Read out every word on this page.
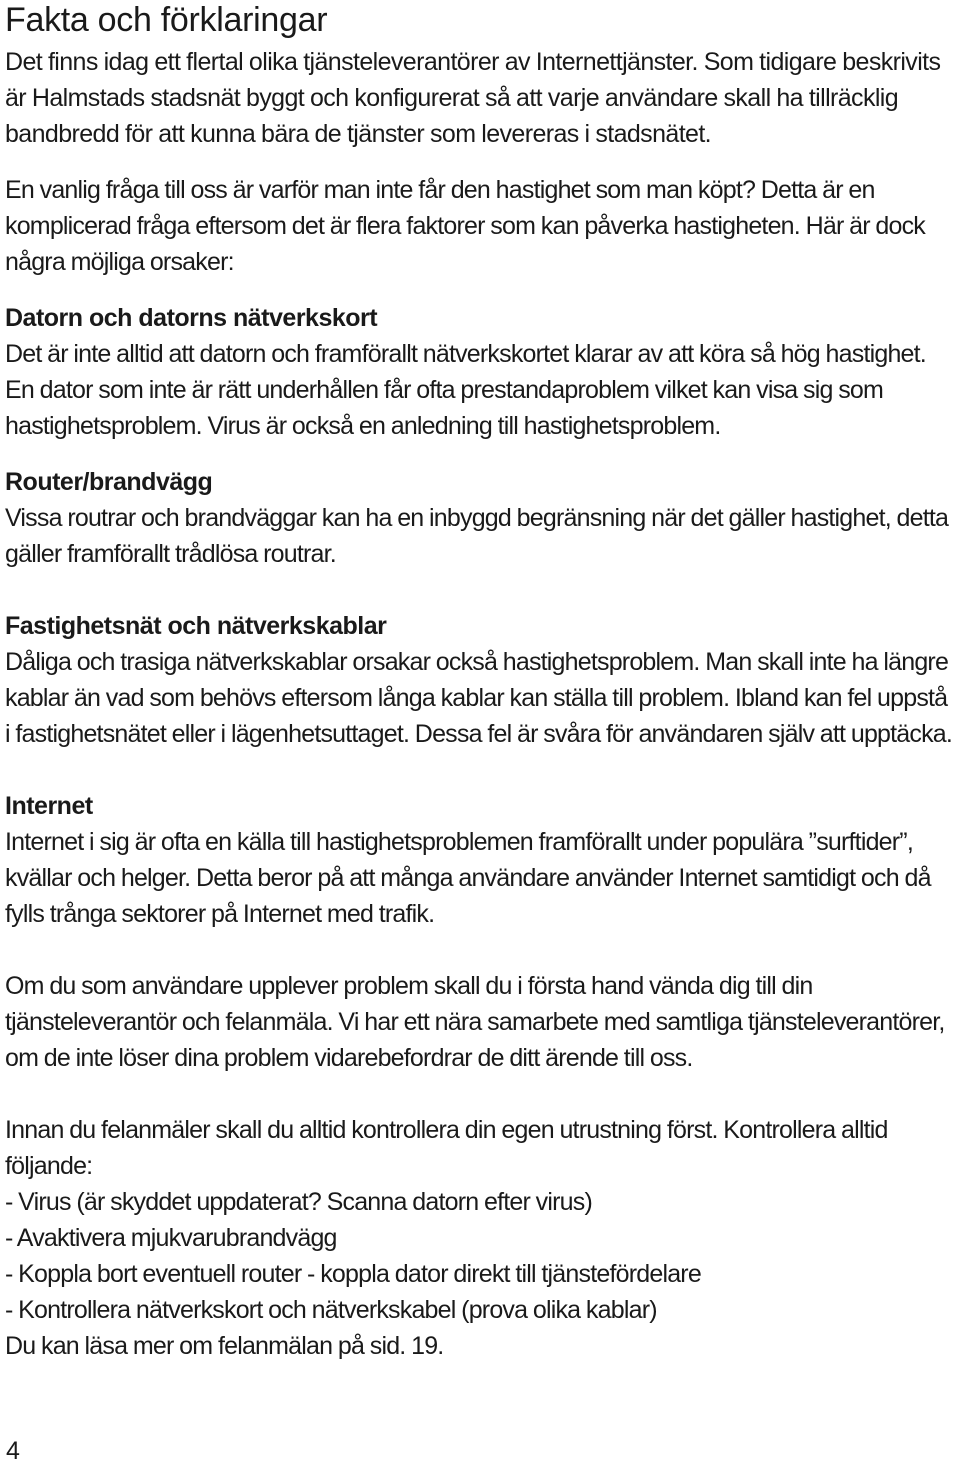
Fakta och förklaringar

Det finns idag ett flertal olika tjänsteleverantörer av Internettjänster. Som tidigare beskrivits är Halmstads stadsnät byggt och konfigurerat så att varje användare skall ha tillräcklig bandbredd för att kunna bära de tjänster som levereras i stadsnätet.

En vanlig fråga till oss är varför man inte får den hastighet som man köpt? Detta är en komplicerad fråga eftersom det är flera faktorer som kan påverka hastigheten. Här är dock några möjliga orsaker:

Datorn och datorns nätverkskort

Det är inte alltid att datorn och framförallt nätverkskortet klarar av att köra så hög hastighet. En dator som inte är rätt underhållen får ofta prestandaproblem vilket kan visa sig som hastighetsproblem. Virus är också en anledning till hastighetsproblem.

Router/brandvägg

Vissa routrar och brandväggar kan ha en inbyggd begränsning när det gäller hastighet, detta gäller framförallt trådlösa routrar.

Fastighetsnät och nätverkskablar

Dåliga och trasiga nätverkskablar orsakar också hastighetsproblem. Man skall inte ha längre kablar än vad som behövs eftersom långa kablar kan ställa till problem. Ibland kan fel uppstå i fastighetsnätet eller i lägenhetsuttaget. Dessa fel är svåra för användaren själv att upptäcka.

Internet

Internet i sig är ofta en källa till hastighetsproblemen framförallt under populära ”surftider”, kvällar och helger. Detta beror på att många användare använder Internet samtidigt och då fylls trånga sektorer på Internet med trafik.

Om du som användare upplever problem skall du i första hand vända dig till din tjänsteleverantör och felanmäla. Vi har ett nära samarbete med samtliga tjänsteleverantörer, om de inte löser dina problem vidarebefordrar de ditt ärende till oss.

Innan du felanmäler skall du alltid kontrollera din egen utrustning först. Kontrollera alltid följande:

- Virus (är skyddet uppdaterat? Scanna datorn efter virus)
- Avaktivera mjukvarubrandvägg
- Koppla bort eventuell router - koppla dator direkt till tjänstefördelare
- Kontrollera nätverkskort och nätverkskabel (prova olika kablar)

Du kan läsa mer om felanmälan på sid. 19.

4
